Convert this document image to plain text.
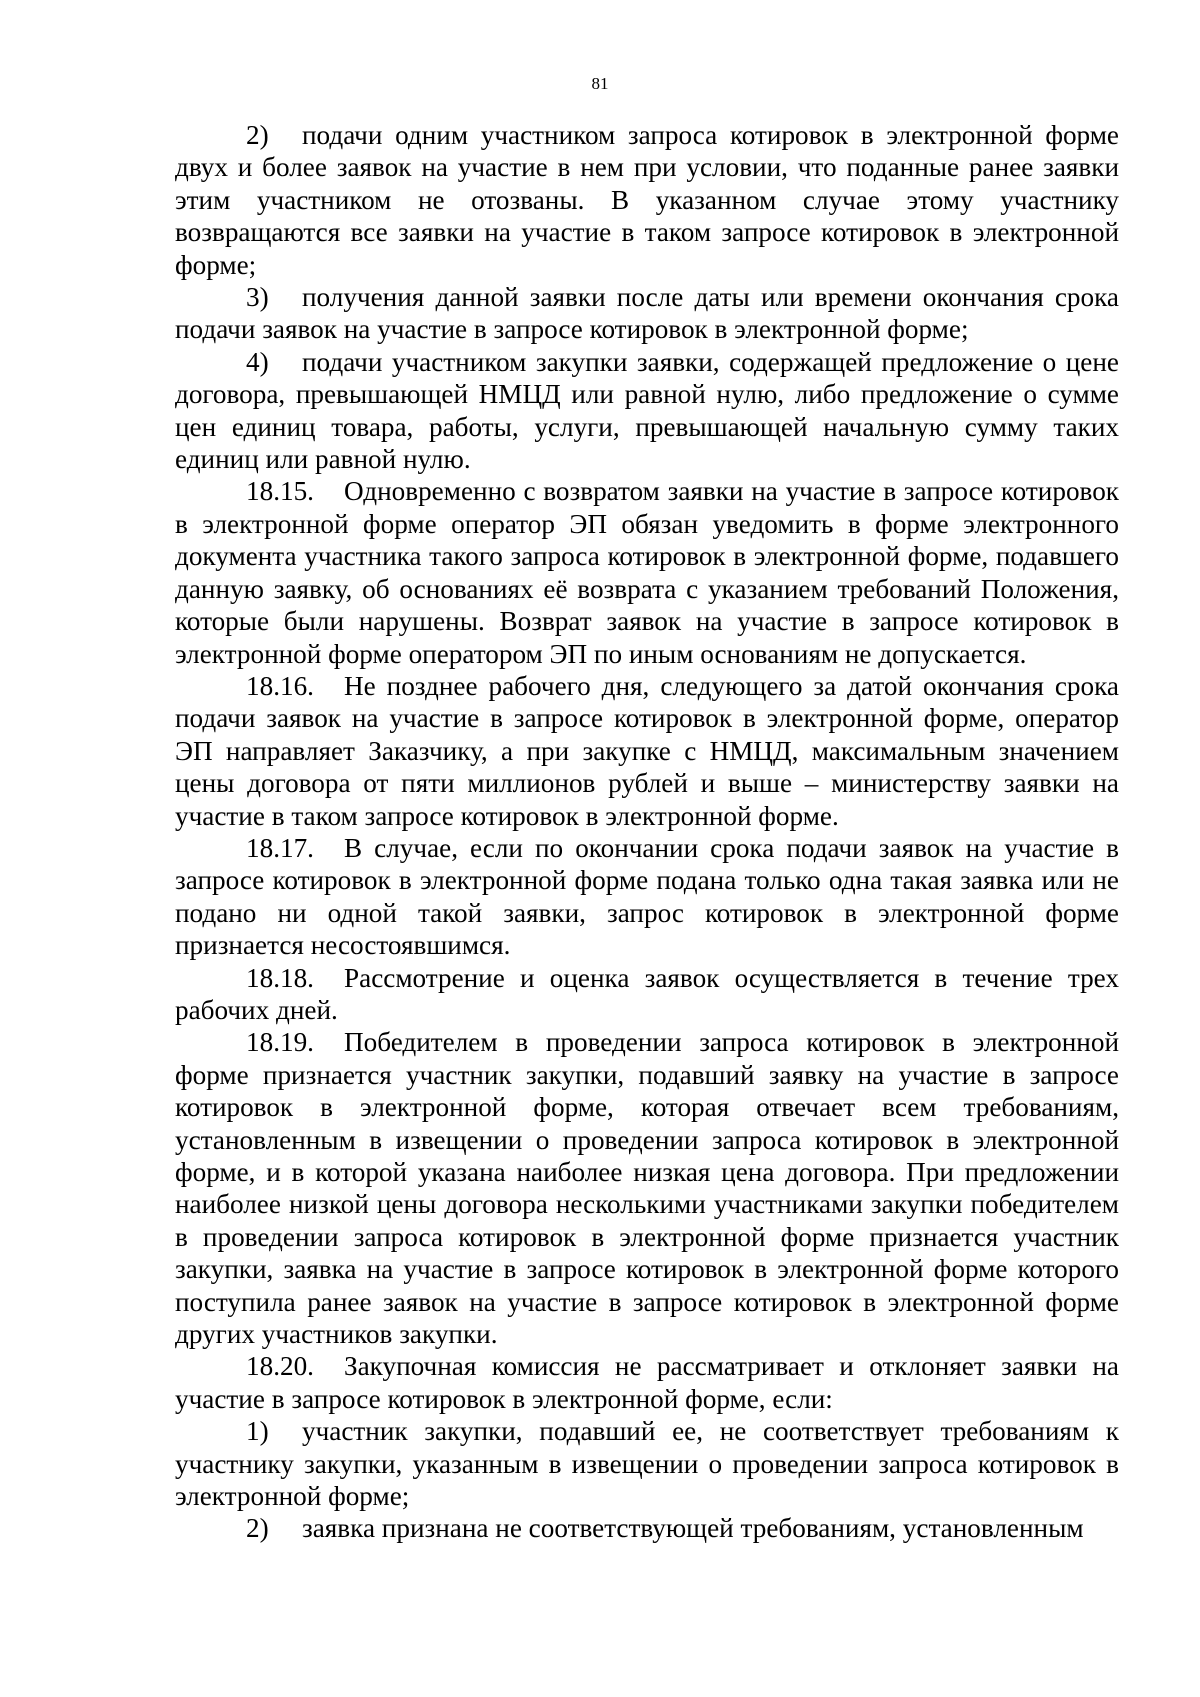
81

2) подачи одним участником запроса котировок в электронной форме двух и более заявок на участие в нем при условии, что поданные ранее заявки этим участником не отозваны. В указанном случае этому участнику возвращаются все заявки на участие в таком запросе котировок в электронной форме;

3) получения данной заявки после даты или времени окончания срока подачи заявок на участие в запросе котировок в электронной форме;

4) подачи участником закупки заявки, содержащей предложение о цене договора, превышающей НМЦД или равной нулю, либо предложение о сумме цен единиц товара, работы, услуги, превышающей начальную сумму таких единиц или равной нулю.

18.15. Одновременно с возвратом заявки на участие в запросе котировок в электронной форме оператор ЭП обязан уведомить в форме электронного документа участника такого запроса котировок в электронной форме, подавшего данную заявку, об основаниях её возврата с указанием требований Положения, которые были нарушены. Возврат заявок на участие в запросе котировок в электронной форме оператором ЭП по иным основаниям не допускается.

18.16. Не позднее рабочего дня, следующего за датой окончания срока подачи заявок на участие в запросе котировок в электронной форме, оператор ЭП направляет Заказчику, а при закупке с НМЦД, максимальным значением цены договора от пяти миллионов рублей и выше – министерству заявки на участие в таком запросе котировок в электронной форме.

18.17. В случае, если по окончании срока подачи заявок на участие в запросе котировок в электронной форме подана только одна такая заявка или не подано ни одной такой заявки, запрос котировок в электронной форме признается несостоявшимся.

18.18. Рассмотрение и оценка заявок осуществляется в течение трех рабочих дней.

18.19. Победителем в проведении запроса котировок в электронной форме признается участник закупки, подавший заявку на участие в запросе котировок в электронной форме, которая отвечает всем требованиям, установленным в извещении о проведении запроса котировок в электронной форме, и в которой указана наиболее низкая цена договора. При предложении наиболее низкой цены договора несколькими участниками закупки победителем в проведении запроса котировок в электронной форме признается участник закупки, заявка на участие в запросе котировок в электронной форме которого поступила ранее заявок на участие в запросе котировок в электронной форме других участников закупки.

18.20. Закупочная комиссия не рассматривает и отклоняет заявки на участие в запросе котировок в электронной форме, если:

1) участник закупки, подавший ее, не соответствует требованиям к участнику закупки, указанным в извещении о проведении запроса котировок в электронной форме;

2) заявка признана не соответствующей требованиям, установленным
